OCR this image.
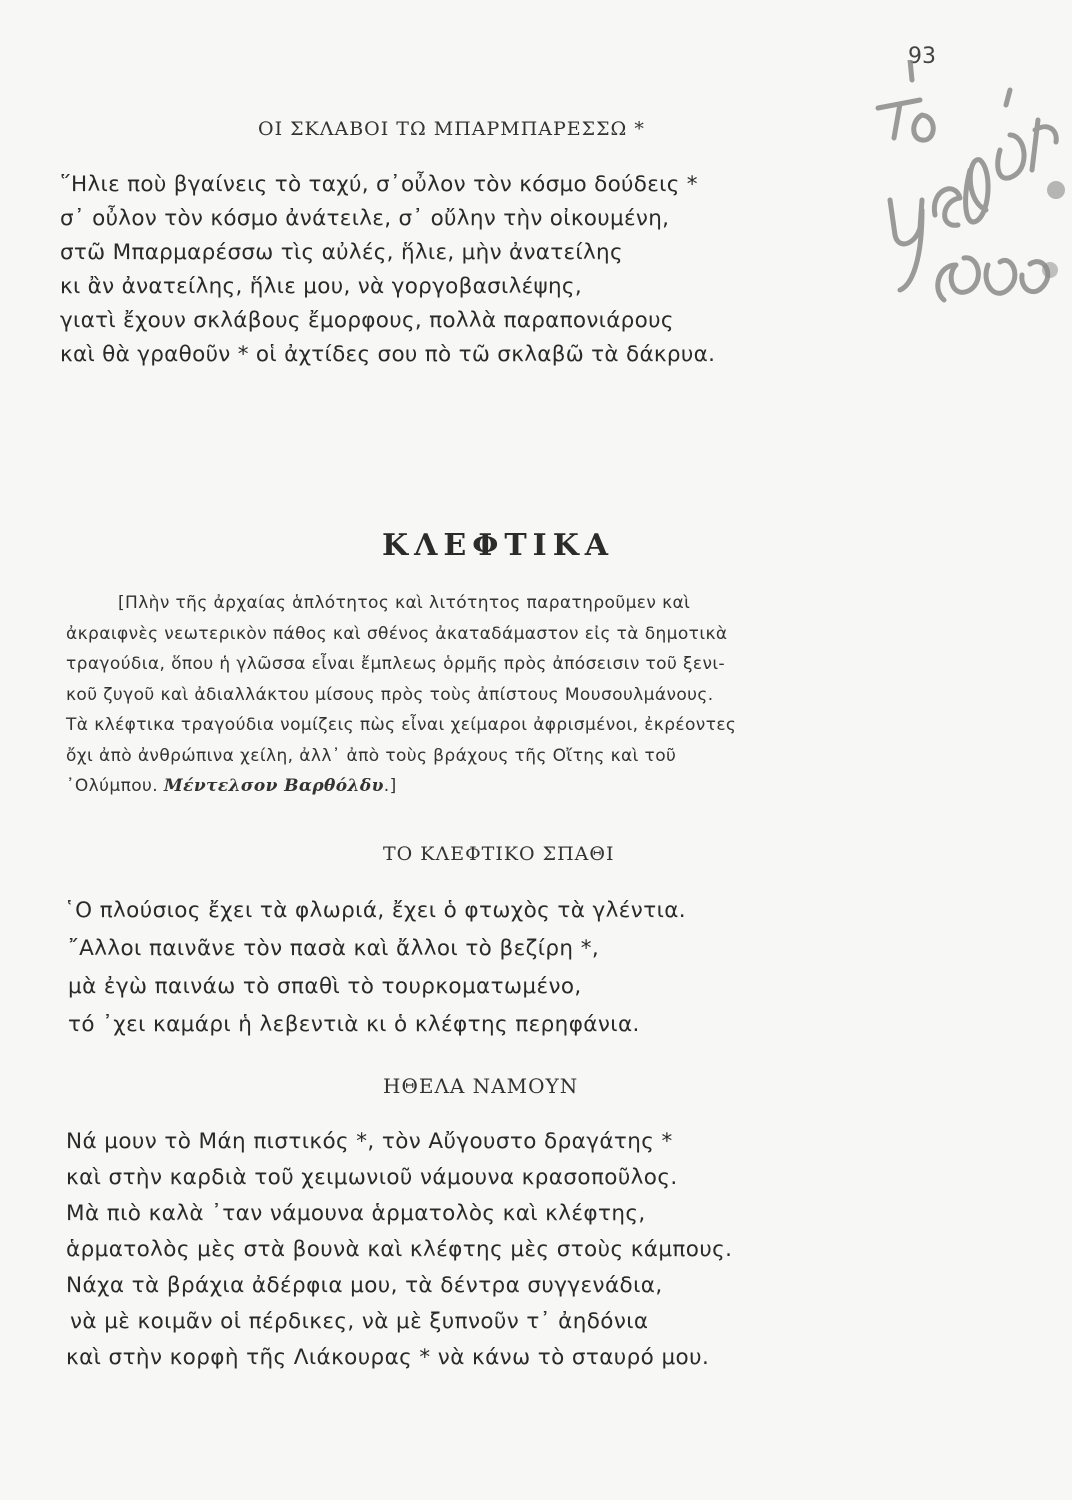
93
ΟΙ ΣΚΛΑΒΟΙ ΤΩ ΜΠΑΡΜΠΑΡΕΣΣΩ *
῞Ηλιε ποὺ βγαίνεις τὸ ταχύ, σ᾽οὖλον τὸν κόσμο δούδεις *
σ᾽ οὖλον τὸν κόσμο ἀνάτειλε, σ᾽ οὔλην τὴν οἰκουμένη,
στῶ Μπαρμαρέσσω τὶς αὐλές, ἥλιε, μὴν ἀνατείλης
κι ἂν ἀνατείλης, ἥλιε μου, νὰ γοργοβασιλέψης,
γιατὶ ἔχουν σκλάβους ἔμορφους, πολλὰ παραπονιάρους
καὶ θὰ γραθοῦν * οἱ ἀχτίδες σου πὸ τῶ σκλαβῶ τὰ δάκρυα.
ΚΛΕΦΤΙΚΑ
[Πλὴν τῆς ἀρχαίας ἁπλότητος καὶ λιτότητος παρατηροῦμεν καὶ
ἀκραιφνὲς νεωτερικὸν πάθος καὶ σθένος ἀκαταδάμαστον εἰς τὰ δημοτικὰ
τραγούδια, ὅπου ἡ γλῶσσα εἶναι ἔμπλεως ὁρμῆς πρὸς ἀπόσεισιν τοῦ ξενι-
κοῦ ζυγοῦ καὶ ἀδιαλλάκτου μίσους πρὸς τοὺς ἀπίστους Μουσουλμάνους.
Τὰ κλέφτικα τραγούδια νομίζεις πὼς εἶναι χείμαροι ἀφρισμένοι, ἐκρέοντες
ὄχι ἀπὸ ἀνθρώπινα χείλη, ἀλλ᾽ ἀπὸ τοὺς βράχους τῆς Οἴτης καὶ τοῦ
᾽Ολύμπου. Μέντελσον Βαρθόλδυ.]
ΤΟ ΚΛΕΦΤΙΚΟ ΣΠΑΘΙ
῾Ο πλούσιος ἔχει τὰ φλωριά, ἔχει ὁ φτωχὸς τὰ γλέντια.
῎Αλλοι παινᾶνε τὸν πασὰ καὶ ἄλλοι τὸ βεζίρη *,
μὰ ἐγὼ παινάω τὸ σπαθὶ τὸ τουρκοματωμένο,
τό ᾽χει καμάρι ἡ λεβεντιὰ κι ὁ κλέφτης περηφάνια.
ΗΘΕΛΑ ΝΑΜΟΥΝ
Νά μουν τὸ Μάη πιστικός *, τὸν Αὔγουστο δραγάτης *
καὶ στὴν καρδιὰ τοῦ χειμωνιοῦ νάμουνα κρασοποῦλος.
Μὰ πιὸ καλὰ ᾽ταν νάμουνα ἁρματολὸς καὶ κλέφτης,
ἁρματολὸς μὲς στὰ βουνὰ καὶ κλέφτης μὲς στοὺς κάμπους.
Νάχα τὰ βράχια ἀδέρφια μου, τὰ δέντρα συγγενάδια,
νὰ μὲ κοιμᾶν οἱ πέρδικες, νὰ μὲ ξυπνοῦν τ᾽ ἀηδόνια
καὶ στὴν κορφὴ τῆς Λιάκουρας * νὰ κάνω τὸ σταυρό μου.
